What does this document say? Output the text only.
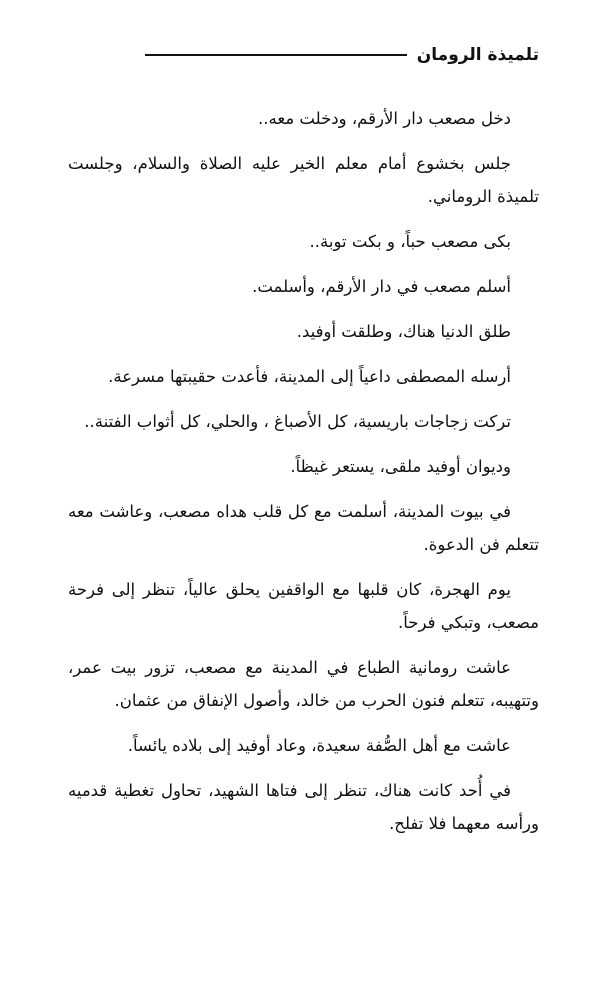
تلميذة الرومان

دخل مصعب دار الأرقم، ودخلت معه..

جلس بخشوع أمام معلم الخير عليه الصلاة والسلام، وجلست تلميذة الروماني.

بكى مصعب حباً، و بكت توبة..

أسلم مصعب في دار الأرقم، وأسلمت.

طلق الدنيا هناك، وطلقت أوفيد.

أرسله المصطفى داعياً إلى المدينة، فأعدت حقيبتها مسرعة.

تركت زجاجات باريسية، كل الأصباغ ، والحلي، كل أثواب الفتنة..

وديوان أوفيد ملقى، يستعر غيظاً.

في بيوت المدينة، أسلمت مع كل قلب هداه مصعب، وعاشت معه تتعلم فن الدعوة.

يوم الهجرة، كان قلبها مع الواقفين يحلق عالياً، تنظر إلى فرحة مصعب، وتبكي فرحاً.

عاشت رومانية الطباع في المدينة مع مصعب، تزور بيت عمر، وتتهيبه، تتعلم فنون الحرب من خالد، وأصول الإنفاق من عثمان.

عاشت مع أهل الصُّفة سعيدة، وعاد أوفيد إلى بلاده يائساً.

في أُحد كانت هناك، تنظر إلى فتاها الشهيد، تحاول تغطية قدميه ورأسه معهما فلا تفلح.
